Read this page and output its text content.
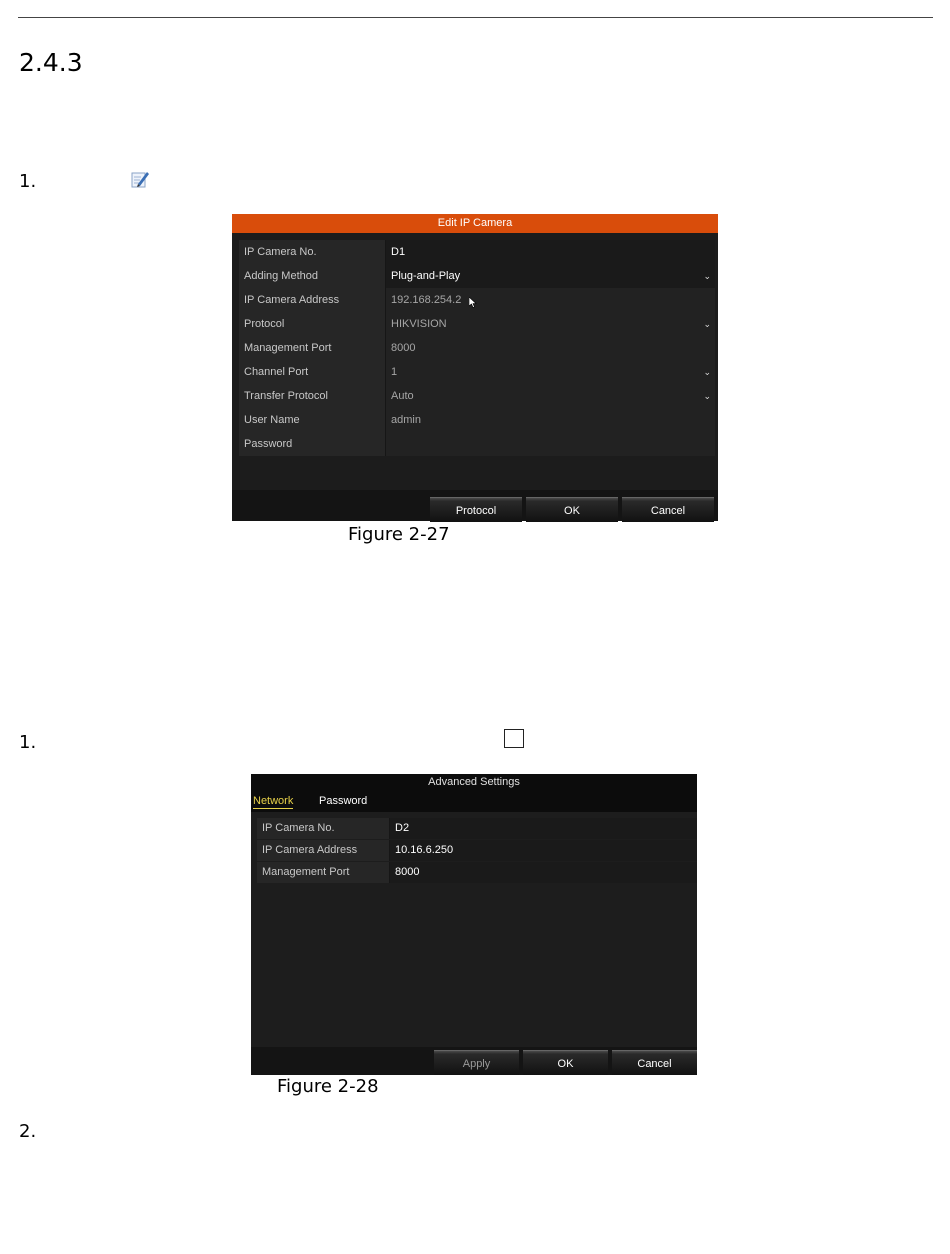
2.4.3
1.
Edit IP Camera
IP Camera No.	D1
Adding Method	Plug-and-Play	⌄
IP Camera Address	192.168.254.2
Protocol	HIKVISION	⌄
Management Port	8000
Channel Port	1	⌄
Transfer Protocol	Auto	⌄
User Name	admin
Password
Protocol	OK	Cancel
Figure 2-27
1.
Advanced Settings
Network Password
IP Camera No.	D2
IP Camera Address	10.16.6.250
Management Port	8000
Apply	OK	Cancel
Figure 2-28
2.
